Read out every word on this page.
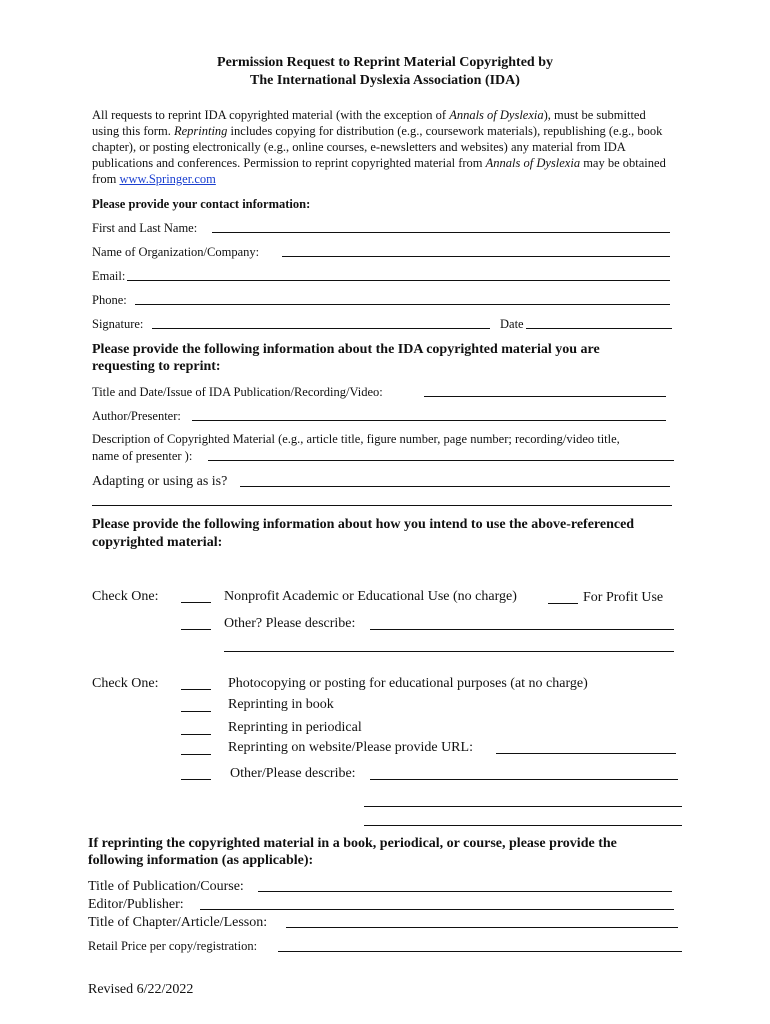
Permission Request to Reprint Material Copyrighted by
The International Dyslexia Association (IDA)
All requests to reprint IDA copyrighted material (with the exception of Annals of Dyslexia), must be submitted using this form. Reprinting includes copying for distribution (e.g., coursework materials), republishing (e.g., book chapter), or posting electronically (e.g., online courses, e-newsletters and websites) any material from IDA publications and conferences. Permission to reprint copyrighted material from Annals of Dyslexia may be obtained from www.Springer.com
Please provide your contact information:
First and Last Name:
Name of Organization/Company:
Email:
Phone:
Signature:	Date
Please provide the following information about the IDA copyrighted material you are
requesting to reprint:
Title and Date/Issue of IDA Publication/Recording/Video:
Author/Presenter:
Description of Copyrighted Material (e.g., article title, figure number, page number; recording/video title,
name of presenter ):
Adapting or using as is?
Please provide the following information about how you intend to use the above-referenced
copyrighted material:
Check One:	Nonprofit Academic or Educational Use (no charge)	For Profit Use
Other? Please describe:
Check One:	Photocopying or posting for educational purposes (at no charge)
Reprinting in book
Reprinting in periodical
Reprinting on website/Please provide URL:
Other/Please describe:
If reprinting the copyrighted material in a book, periodical, or course, please provide the
following information (as applicable):
Title of Publication/Course:
Editor/Publisher:
Title of Chapter/Article/Lesson:
Retail Price per copy/registration:
Revised 6/22/2022
